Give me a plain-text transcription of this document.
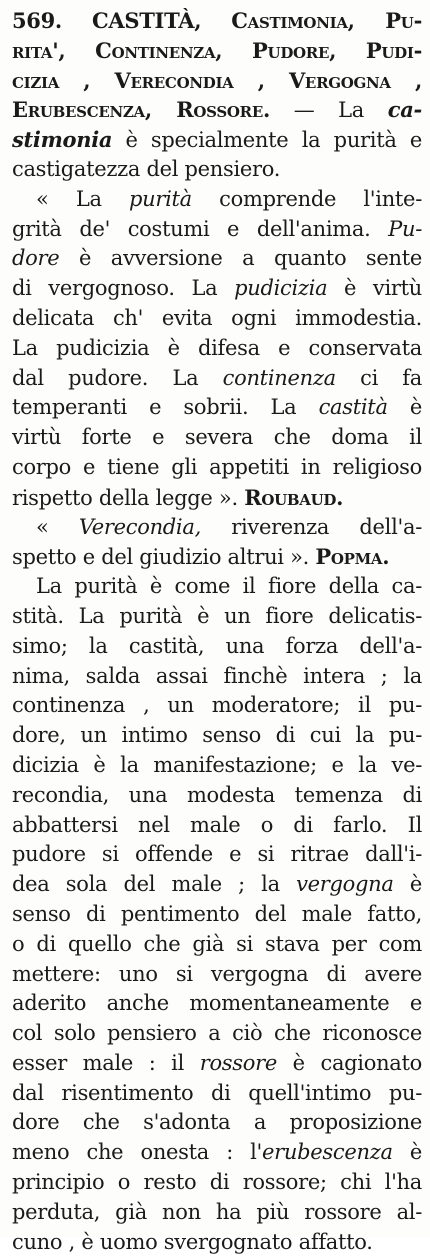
569. CASTITÀ, Castimonia, Pu-
rita', Continenza, Pudore, Pudi-
cizia , Verecondia , Vergogna ,
Erubescenza, Rossore. — La ca-
stimonia è specialmente la purità e
castigatezza del pensiero.
« La purità comprende l'inte-
grità de' costumi e dell'anima. Pu-
dore è avversione a quanto sente
di vergognoso. La pudicizia è virtù
delicata ch' evita ogni immodestia.
La pudicizia è difesa e conservata
dal pudore. La continenza ci fa
temperanti e sobrii. La castità è
virtù forte e severa che doma il
corpo e tiene gli appetiti in religioso
rispetto della legge ». Roubaud.
« Verecondia, riverenza dell'a-
spetto e del giudizio altrui ». Popma.
La purità è come il fiore della ca-
stità. La purità è un fiore delicatis-
simo; la castità, una forza dell'a-
nima, salda assai finchè intera ; la
continenza , un moderatore; il pu-
dore, un intimo senso di cui la pu-
dicizia è la manifestazione; e la ve-
recondia, una modesta temenza di
abbattersi nel male o di farlo. Il
pudore si offende e si ritrae dall'i-
dea sola del male ; la vergogna è
senso di pentimento del male fatto,
o di quello che già si stava per com
mettere: uno si vergogna di avere
aderito anche momentaneamente e
col solo pensiero a ciò che riconosce
esser male : il rossore è cagionato
dal risentimento di quell'intimo pu-
dore che s'adonta a proposizione
meno che onesta : l'erubescenza è
principio o resto di rossore; chi l'ha
perduta, già non ha più rossore al-
cuno , è uomo svergognato affatto.
